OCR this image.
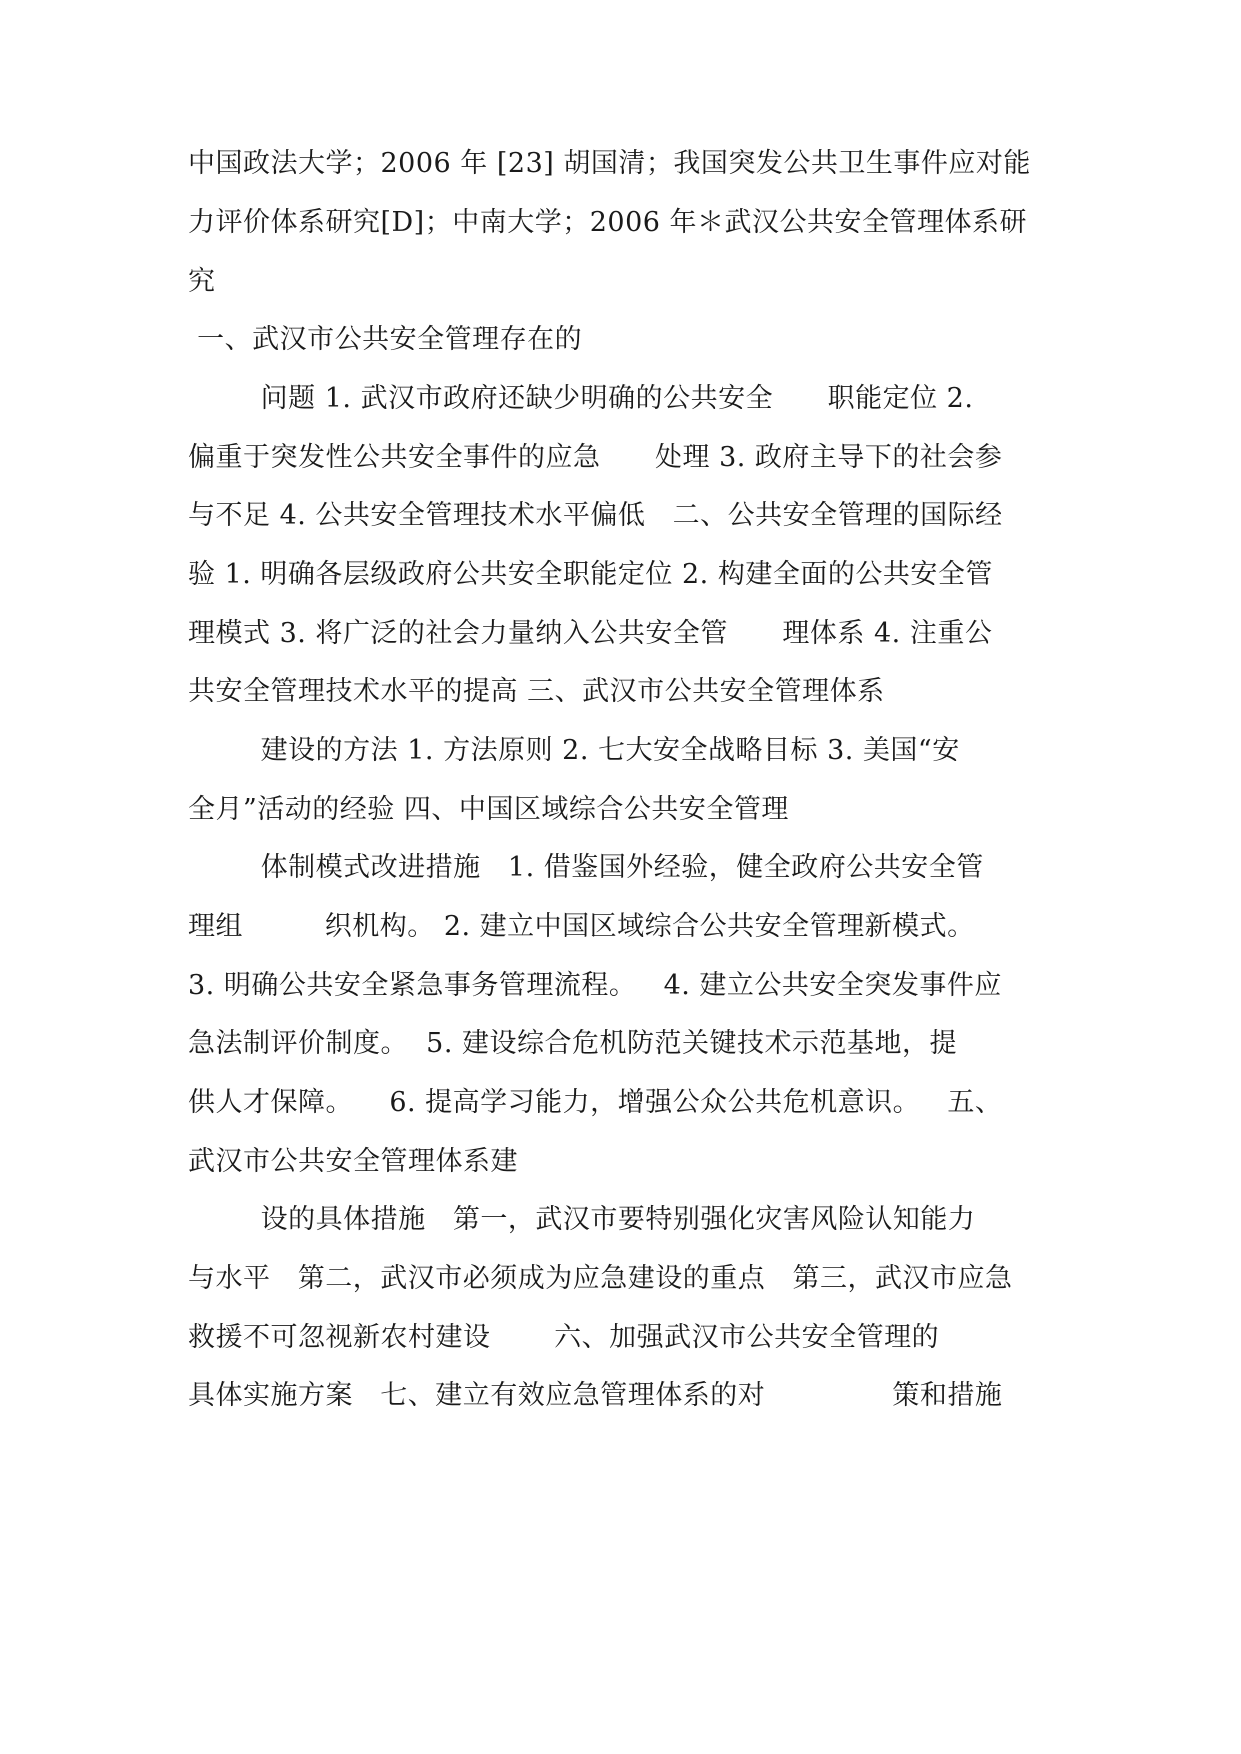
中国政法大学；2006 年 [23] 胡国清；我国突发公共卫生事件应对能
力评价体系研究[D]；中南大学；2006 年＊武汉公共安全管理体系研
究
一、武汉市公共安全管理存在的
问题 1. 武汉市政府还缺少明确的公共安全      职能定位 2.
偏重于突发性公共安全事件的应急      处理 3. 政府主导下的社会参
与不足 4. 公共安全管理技术水平偏低   二、公共安全管理的国际经
验 1. 明确各层级政府公共安全职能定位 2. 构建全面的公共安全管
理模式 3. 将广泛的社会力量纳入公共安全管      理体系 4. 注重公
共安全管理技术水平的提高 三、武汉市公共安全管理体系
建设的方法 1. 方法原则 2. 七大安全战略目标 3. 美国“安
全月”活动的经验 四、中国区域综合公共安全管理
体制模式改进措施   1. 借鉴国外经验，健全政府公共安全管
理组         织机构。 2. 建立中国区域综合公共安全管理新模式。
3. 明确公共安全紧急事务管理流程。   4. 建立公共安全突发事件应
急法制评价制度。  5. 建设综合危机防范关键技术示范基地，提
供人才保障。    6. 提高学习能力，增强公众公共危机意识。   五、
武汉市公共安全管理体系建
设的具体措施   第一，武汉市要特别强化灾害风险认知能力
与水平   第二，武汉市必须成为应急建设的重点   第三，武汉市应急
救援不可忽视新农村建设       六、加强武汉市公共安全管理的
具体实施方案   七、建立有效应急管理体系的对              策和措施
